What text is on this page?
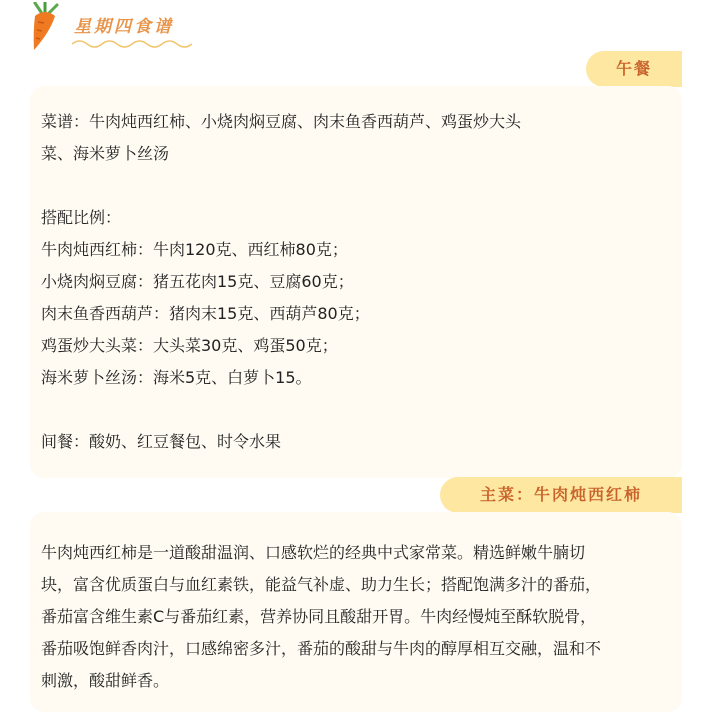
星期四食谱
午餐
菜谱：牛肉炖西红柿、小烧肉焖豆腐、肉末鱼香西葫芦、鸡蛋炒大头
菜、海米萝卜丝汤
搭配比例：
牛肉炖西红柿：牛肉120克、西红柿80克；
小烧肉焖豆腐：猪五花肉15克、豆腐60克；
肉末鱼香西葫芦：猪肉末15克、西葫芦80克；
鸡蛋炒大头菜：大头菜30克、鸡蛋50克；
海米萝卜丝汤：海米5克、白萝卜15。
间餐：酸奶、红豆餐包、时令水果
主菜：牛肉炖西红柿
牛肉炖西红柿是一道酸甜温润、口感软烂的经典中式家常菜。精选鲜嫩牛腩切
块，富含优质蛋白与血红素铁，能益气补虚、助力生长；搭配饱满多汁的番茄，
番茄富含维生素C与番茄红素，营养协同且酸甜开胃。牛肉经慢炖至酥软脱骨，
番茄吸饱鲜香肉汁，口感绵密多汁，番茄的酸甜与牛肉的醇厚相互交融，温和不
刺激，酸甜鲜香。
